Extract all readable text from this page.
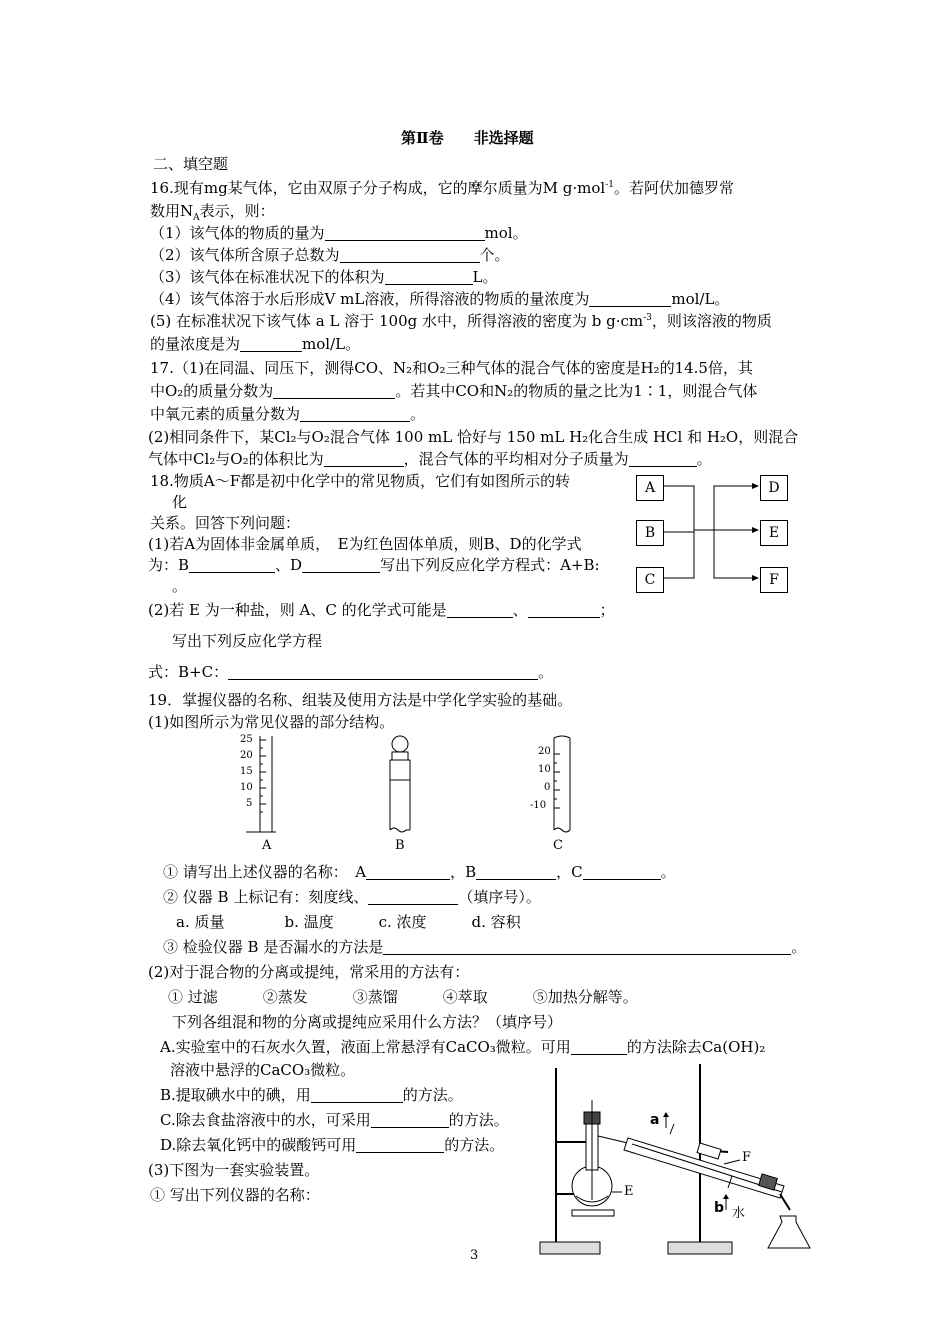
第Ⅱ卷　　非选择题
二、填空题
16.现有mg某气体，它由双原子分子构成，它的摩尔质量为M g·mol$^{-1}$。若阿伏加德罗常
数用$N_A$表示，则：
（1）该气体的物质的量为	mol。
（2）该气体所含原子总数为	个。
（3）该气体在标准状况下的体积为	L。
（4）该气体溶于水后形成V mL溶液，所得溶液的物质的量浓度为	mol/L。
(5) 在标准状况下该气体 a L 溶于 100g 水中，所得溶液的密度为 b $g\cdot cm^{-3}$，则该溶液的物质
的量浓度是为	mol/L。
17.（1)在同温、同压下，测得CO、N₂和O₂三种气体的混合气体的密度是H₂的14.5倍，其
中O₂的质量分数为	。若其中CO和N₂的物质的量之比为1∶1，则混合气体
中氧元素的质量分数为	。
(2)相同条件下，某Cl₂与O₂混合气体 100 mL 恰好与 150 mL H₂化合生成 HCl 和 H₂O，则混合
气体中Cl₂与O₂的体积比为	，混合气体的平均相对分子质量为	。
18.物质A～F都是初中化学中的常见物质，它们有如图所示的转
化
关系。回答下列问题：
(1)若A为固体非金属单质，　E为红色固体单质，则B、D的化学式
为：B	、D	写出下列反应化学方程式：A+B:
。
(2)若 E 为一种盐，则 A、C 的化学式可能是	、	；
写出下列反应化学方程
式：B+C：	。
A
B
C
D
E
F
19．掌握仪器的名称、组装及使用方法是中学化学实验的基础。
(1)如图所示为常见仪器的部分结构。
25
20
15
10
5
20
10
0
-10
A	B	C
① 请写出上述仪器的名称：　A	，B	，C	。
② 仪器 B 上标记有：刻度线、	（填序号）。
a. 质量　　　　b. 温度　　　c. 浓度　　　d. 容积
③ 检验仪器 B 是否漏水的方法是	。
(2)对于混合物的分离或提纯，常采用的方法有：
① 过滤　　　②蒸发　　　③蒸馏　　　④萃取　　　⑤加热分解等。
下列各组混和物的分离或提纯应采用什么方法？（填序号）
A.实验室中的石灰水久置，液面上常悬浮有CaCO₃微粒。可用	的方法除去Ca(OH)₂
溶液中悬浮的CaCO₃微粒。
B.提取碘水中的碘，用	的方法。
C.除去食盐溶液中的水，可采用	的方法。
D.除去氧化钙中的碳酸钙可用	的方法。
(3)下图为一套实验装置。
① 写出下列仪器的名称：
a
b 水
E
F
3
